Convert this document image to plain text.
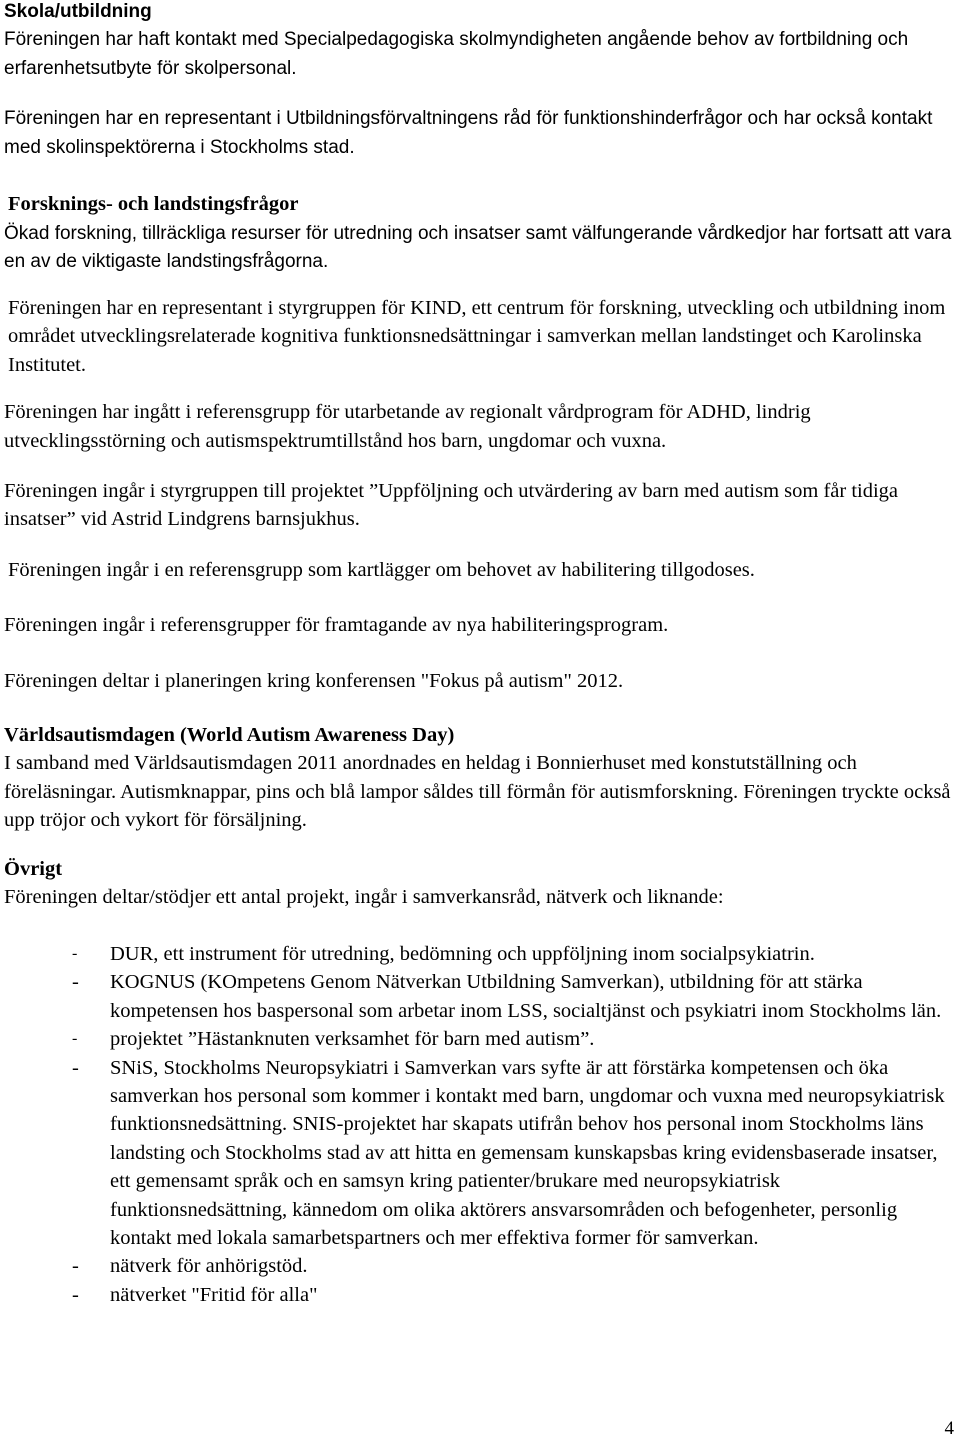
Skola/utbildning

Föreningen har haft kontakt med Specialpedagogiska skolmyndigheten angående behov av fortbildning och erfarenhetsutbyte för skolpersonal.

Föreningen har en representant i Utbildningsförvaltningens råd för funktionshinderfrågor och har också kontakt med skolinspektörerna i Stockholms stad.

Forsknings- och landstingsfrågor

Ökad forskning, tillräckliga resurser för utredning och insatser samt välfungerande vårdkedjor har fortsatt att vara en av de viktigaste landstingsfrågorna.

Föreningen har en representant i styrgruppen för KIND, ett centrum för forskning, utveckling och utbildning inom området utvecklingsrelaterade kognitiva funktionsnedsättningar i samverkan mellan landstinget och Karolinska Institutet.

Föreningen har ingått i referensgrupp för utarbetande av regionalt vårdprogram för ADHD, lindrig utvecklingsstörning och autismspektrumtillstånd hos barn, ungdomar och vuxna.

Föreningen ingår i styrgruppen till projektet ”Uppföljning och utvärdering av barn med autism som får tidiga insatser” vid Astrid Lindgrens barnsjukhus.

Föreningen ingår i en referensgrupp som kartlägger om behovet av habilitering tillgodoses.

Föreningen ingår i referensgrupper för framtagande av nya habiliteringsprogram.

Föreningen deltar i planeringen kring konferensen "Fokus på autism" 2012.

Världsautismdagen (World Autism Awareness Day)

I samband med Världsautismdagen 2011 anordnades en heldag i Bonnierhuset med konstutställning och föreläsningar. Autismknappar, pins och blå lampor såldes till förmån för autismforskning. Föreningen tryckte också upp tröjor och vykort för försäljning.

Övrigt

Föreningen deltar/stödjer ett antal projekt, ingår i samverkansråd, nätverk och liknande:

- DUR, ett instrument för utredning, bedömning och uppföljning inom socialpsykiatrin.
- KOGNUS (KOmpetens Genom Nätverkan Utbildning Samverkan), utbildning för att stärka kompetensen hos baspersonal som arbetar inom LSS, socialtjänst och psykiatri inom Stockholms län.
- projektet ”Hästanknuten verksamhet för barn med autism”.
- SNiS, Stockholms Neuropsykiatri i Samverkan vars syfte är att förstärka kompetensen och öka samverkan hos personal som kommer i kontakt med barn, ungdomar och vuxna med neuropsykiatrisk funktionsnedsättning. SNIS-projektet har skapats utifrån behov hos personal inom Stockholms läns landsting och Stockholms stad av att hitta en gemensam kunskapsbas kring evidensbaserade insatser, ett gemensamt språk och en samsyn kring patienter/brukare med neuropsykiatrisk funktionsnedsättning, kännedom om olika aktörers ansvarsområden och befogenheter, personlig kontakt med lokala samarbetspartners och mer effektiva former för samverkan.
- nätverk för anhörigstöd.
- nätverket "Fritid för alla"
4
